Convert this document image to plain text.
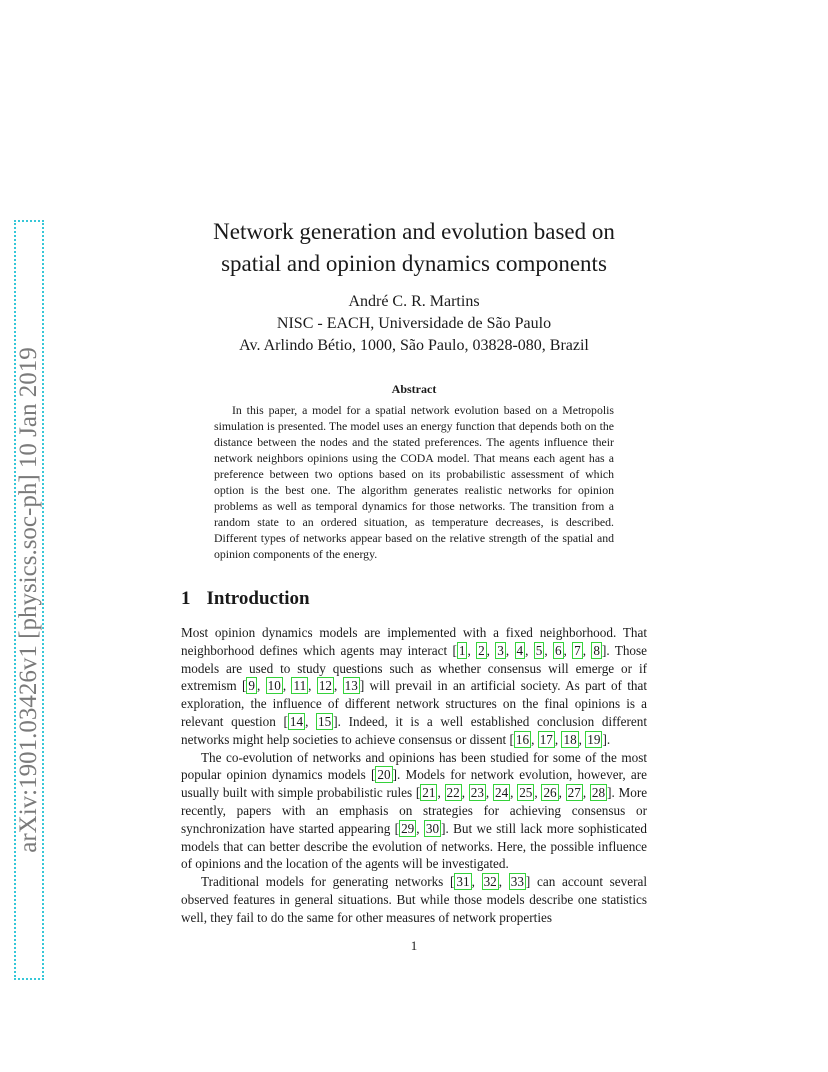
arXiv:1901.03426v1 [physics.soc-ph] 10 Jan 2019
Network generation and evolution based on
spatial and opinion dynamics components
André C. R. Martins
NISC - EACH, Universidade de São Paulo
Av. Arlindo Bétio, 1000, São Paulo, 03828-080, Brazil
Abstract
In this paper, a model for a spatial network evolution based on a Metropolis simulation is presented. The model uses an energy function that depends both on the distance between the nodes and the stated preferences. The agents influence their network neighbors opinions using the CODA model. That means each agent has a preference between two options based on its probabilistic assessment of which option is the best one. The algorithm generates realistic networks for opinion problems as well as temporal dynamics for those networks. The transition from a random state to an ordered situation, as temperature decreases, is described. Different types of networks appear based on the relative strength of the spatial and opinion components of the energy.
1 Introduction

Most opinion dynamics models are implemented with a fixed neighborhood. That neighborhood defines which agents may interact [ 1 , 2 , 3 , 4 , 5 , 6 , 7 , 8 ]. Those models are used to study questions such as whether consensus will emerge or if extremism [ 9 , 10 , 11 , 12 , 13 ] will prevail in an artificial society. As part of that exploration, the influence of different network structures on the final opinions is a relevant question [ 14 , 15 ]. Indeed, it is a well established conclusion different networks might help societies to achieve consensus or dissent [ 16 , 17 , 18 , 19 ].

The co-evolution of networks and opinions has been studied for some of the most popular opinion dynamics models [ 20 ]. Models for network evolution, however, are usually built with simple probabilistic rules [ 21 , 22 , 23 , 24 , 25 , 26 , 27 , 28 ]. More recently, papers with an emphasis on strategies for achieving consensus or synchronization have started appearing [ 29 , 30 ]. But we still lack more sophisticated models that can better describe the evolution of networks. Here, the possible influence of opinions and the location of the agents will be investigated.

Traditional models for generating networks [ 31 , 32 , 33 ] can account several observed features in general situations. But while those models describe one statistics well, they fail to do the same for other measures of network properties

1
